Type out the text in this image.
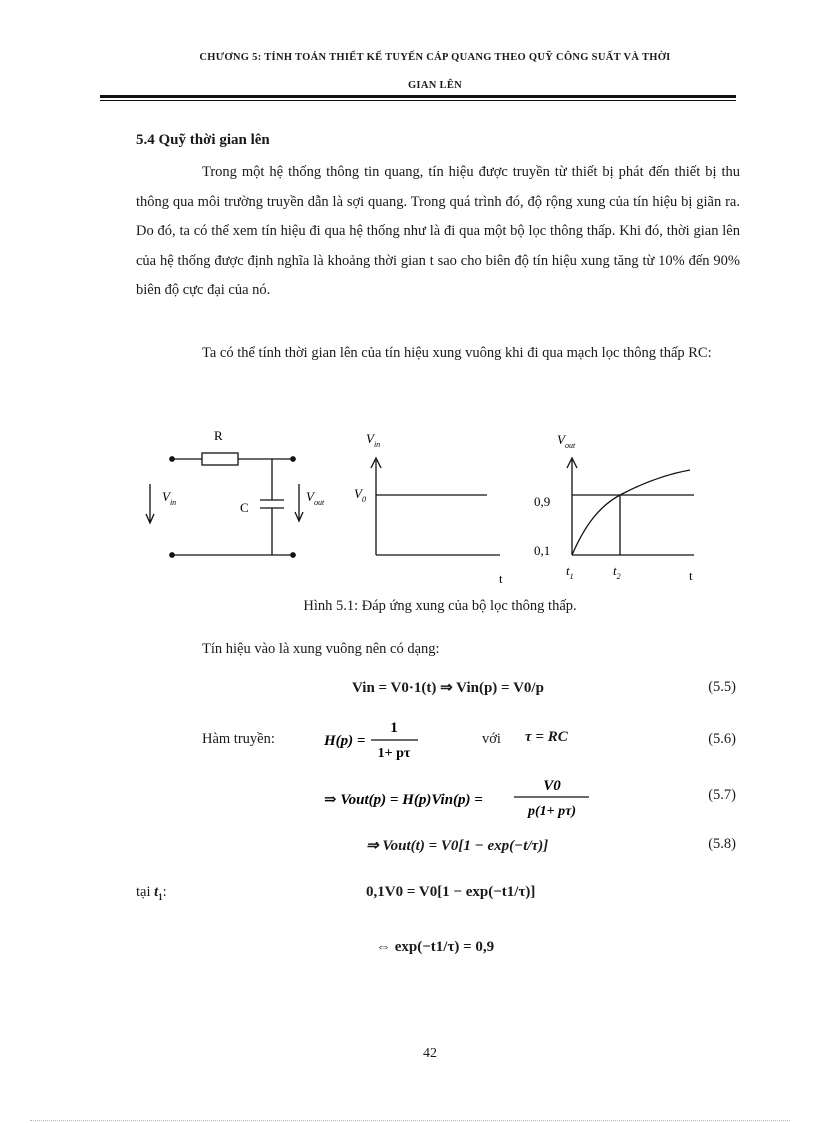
CHƯƠNG 5: TÍNH TOÁN THIẾT KẾ TUYẾN CÁP QUANG THEO QUỸ CÔNG SUẤT VÀ THỜI
GIAN LÊN
5.4 Quỹ thời gian lên
Trong một hệ thống thông tin quang, tín hiệu được truyền từ thiết bị phát đến thiết bị thu thông qua môi trường truyền dẫn là sợi quang. Trong quá trình đó, độ rộng xung của tín hiệu bị giãn ra. Do đó, ta có thể xem tín hiệu đi qua hệ thống như là đi qua một bộ lọc thông thấp. Khi đó, thời gian lên của hệ thống được định nghĩa là khoảng thời gian t sao cho biên độ tín hiệu xung tăng từ 10% đến 90% biên độ cực đại của nó.
Ta có thể tính thời gian lên của tín hiệu xung vuông khi đi qua mạch lọc thông thấp RC:
R
C
$V_{in}$	$V_{out}$
$V_{in}$
$V_0$
t
$V_{out}$
0,9
0,1
$t_1$	$t_2$	t
Hình 5.1: Đáp ứng xung của bộ lọc thông thấp.
Tín hiệu vào là xung vuông nên có dạng:
Vin = V0·1(t) ⇒ Vin(p) = V0/p	(5.5)
Hàm truyền:	H(p) =
1
1+ pτ
với τ = RC	(5.6)
⇒ Vout(p) = H(p)Vin(p) =
V0
p(1+ pτ)
(5.7)
⇒ Vout(t) = V0[1 − exp(−t/τ)]	(5.8)
tại $t_1$:	0,1V0 = V0[1 − exp(−t1/τ)]
⇔ exp(−t1/τ) = 0,9
42
